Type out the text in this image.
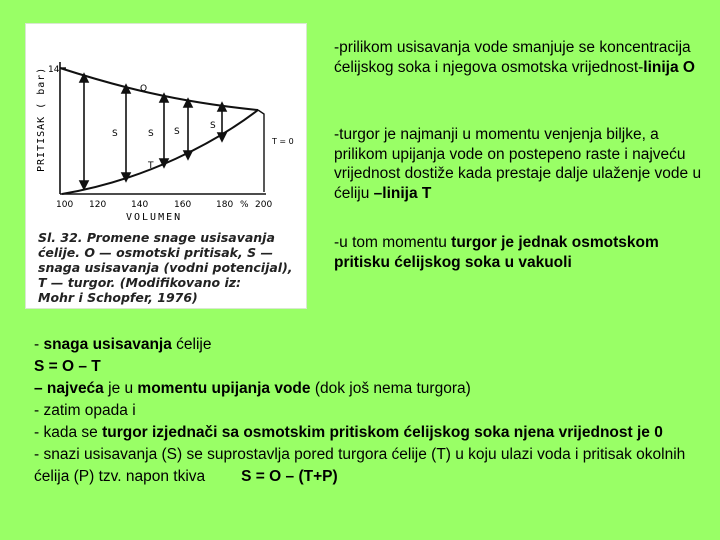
14
PRITISAK ( bar)	O
T
T = 0
S	S S
S
100 120	140	160	180 % 200
VOLUMEN
Sl. 32. Promene snage usisavanja
ćelije. O — osmotski pritisak, S —
snaga usisavanja (vodni potencijal),
T — turgor. (Modifikovano iz:
Mohr i Schopfer, 1976)
-prilikom usisavanja vode smanjuje se koncentracija ćelijskog soka i njegova osmotska vrijednost-linija O
-turgor je najmanji u momentu venjenja biljke, a prilikom upijanja vode on postepeno raste i najveću vrijednost dostiže kada prestaje dalje ulaženje vode u ćeliju –linija T
-u tom momentu turgor je jednak osmotskom pritisku ćelijskog soka u vakuoli
- snaga usisavanja ćelije
S = O – T
– najveća je u momentu upijanja vode (dok još nema turgora)
- zatim opada i
- kada se turgor izjednači sa osmotskim pritiskom ćelijskog soka njena vrijednost je 0
- snazi usisavanja (S) se suprostavlja pored turgora ćelije (T) u koju ulazi voda i pritisak okolnih ćelija (P) tzv. napon tkiva S = O – (T+P)
